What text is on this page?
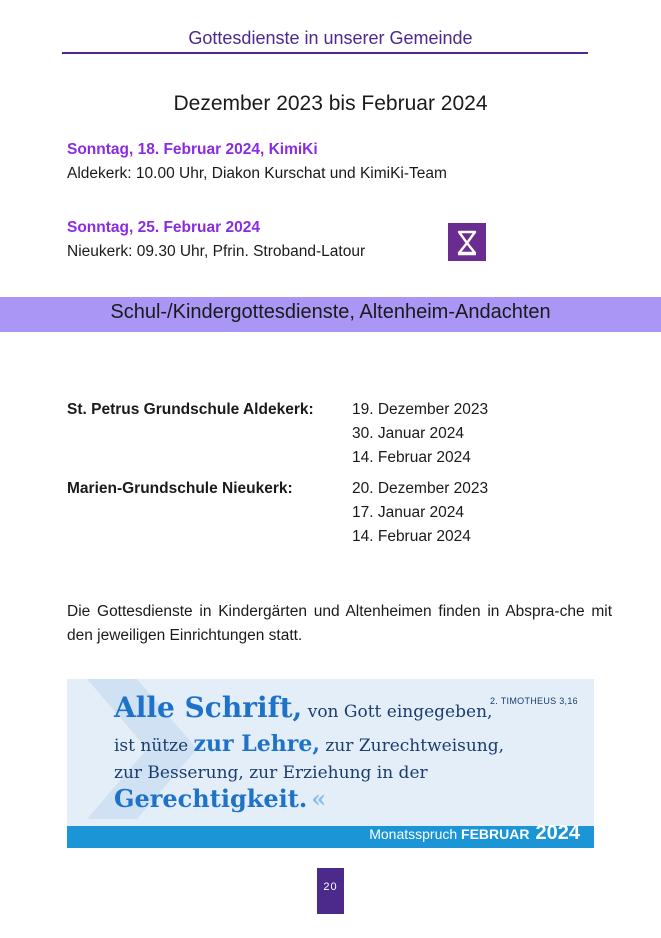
Gottesdienste in unserer Gemeinde
Dezember 2023 bis Februar 2024
Sonntag, 18. Februar 2024, KimiKi
Aldekerk: 10.00 Uhr, Diakon Kurschat und KimiKi-Team
Sonntag, 25. Februar 2024
Nieukerk: 09.30 Uhr, Pfrin. Stroband-Latour
Schul-/Kindergottesdienste, Altenheim-Andachten
St. Petrus Grundschule Aldekerk: 19. Dezember 2023
30. Januar 2024
14. Februar 2024
Marien-Grundschule Nieukerk:	20. Dezember 2023
17. Januar 2024
14. Februar 2024
Die Gottesdienste in Kindergärten und Altenheimen finden in Abspra-che mit den jeweiligen Einrichtungen statt.
2. TIMOTHEUS 3,16
Alle Schrift, von Gott eingegeben,
ist nütze zur Lehre, zur Zurechtweisung,
zur Besserung, zur Erziehung in der
Gerechtigkeit. «
Monatsspruch FEBRUAR 2024
20
